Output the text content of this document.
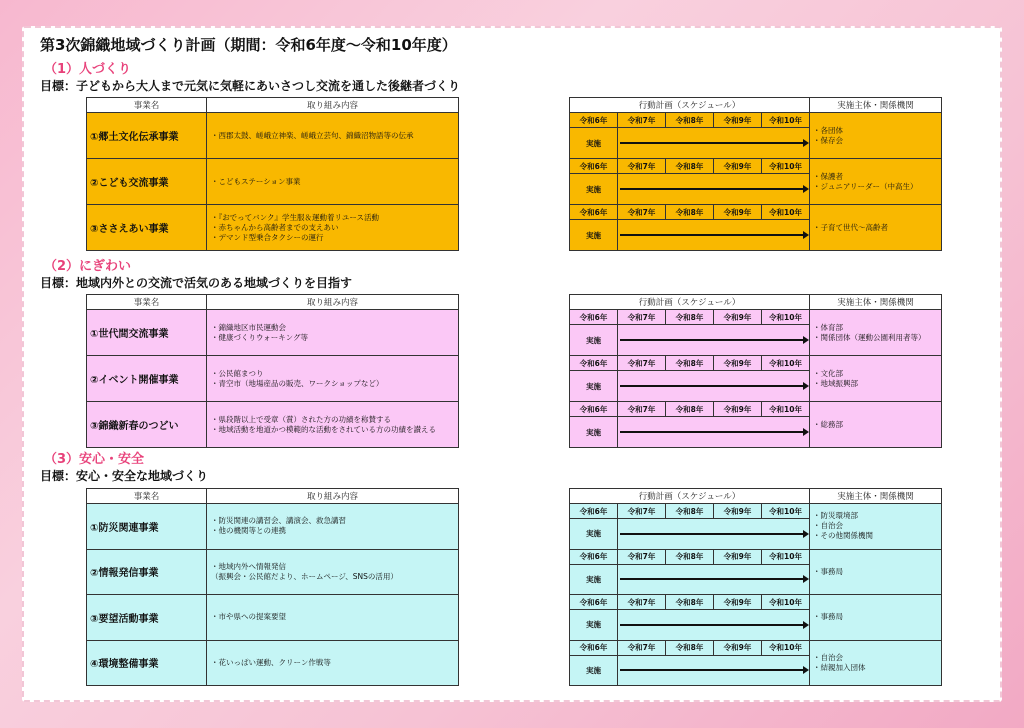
第3次錦織地域づくり計画（期間：令和6年度〜令和10年度）
（1）人づくり
目標：子どもから大人まで元気に気軽にあいさつし交流を通した後継者づくり
事業名	取り組み内容
①郷土文化伝承事業	・西郡太鼓、嵯峨立神楽、嵯峨立芸句、錦織沼物語等の伝承

②こども交流事業	・こどもステーション事業

③ささえあい事業	・『おでってバンク』学生服＆運動着リユース活動
・赤ちゃんから高齢者までの支えあい
・デマンド型乗合タクシーの運行
行動計画（スケジュール）					実施主体・関係機関
令和6年	令和7年	令和8年	令和9年	令和10年	・各団体
・保存会

実施					

令和6年	令和7年	令和8年	令和9年	令和10年	・保護者
・ジュニアリーダー（中高生）

実施					

令和6年	令和7年	令和8年	令和9年	令和10年	・子育て世代〜高齢者

実施					
（2）にぎわい
目標：地域内外との交流で活気のある地域づくりを目指す
事業名	取り組み内容
①世代間交流事業	・錦織地区市民運動会
・健康づくりウォーキング等

②イベント開催事業	・公民館まつり
・青空市（地場産品の販売、ワークショップなど）

③錦織新春のつどい	・県段階以上で受章（賞）された方の功績を称賛する
・地域活動を地道かつ模範的な活動をされている方の功績を讃える
行動計画（スケジュール）					実施主体・関係機関
令和6年	令和7年	令和8年	令和9年	令和10年	・体育部
・関係団体（運動公園利用者等）

実施					

令和6年	令和7年	令和8年	令和9年	令和10年	・文化部
・地域振興部

実施					

令和6年	令和7年	令和8年	令和9年	令和10年	・総務部

実施					
（3）安心・安全
目標：安心・安全な地域づくり
事業名	取り組み内容
①防災関連事業	・防災関連の講習会、講演会、救急講習
・他の機関等との連携

②情報発信事業	・地域内外へ情報発信
（振興会・公民館だより、ホームページ、SNSの活用）

③要望活動事業	・市や県への提案要望

④環境整備事業	・花いっぱい運動、クリーン作戦等
行動計画（スケジュール）					実施主体・関係機関
令和6年	令和7年	令和8年	令和9年	令和10年	・防災環境部
・自治会
・その他関係機関

実施					

令和6年	令和7年	令和8年	令和9年	令和10年	・事務局

実施					

令和6年	令和7年	令和8年	令和9年	令和10年	・事務局

実施					

令和6年	令和7年	令和8年	令和9年	令和10年	・自治会
・結親加入団体

実施					
